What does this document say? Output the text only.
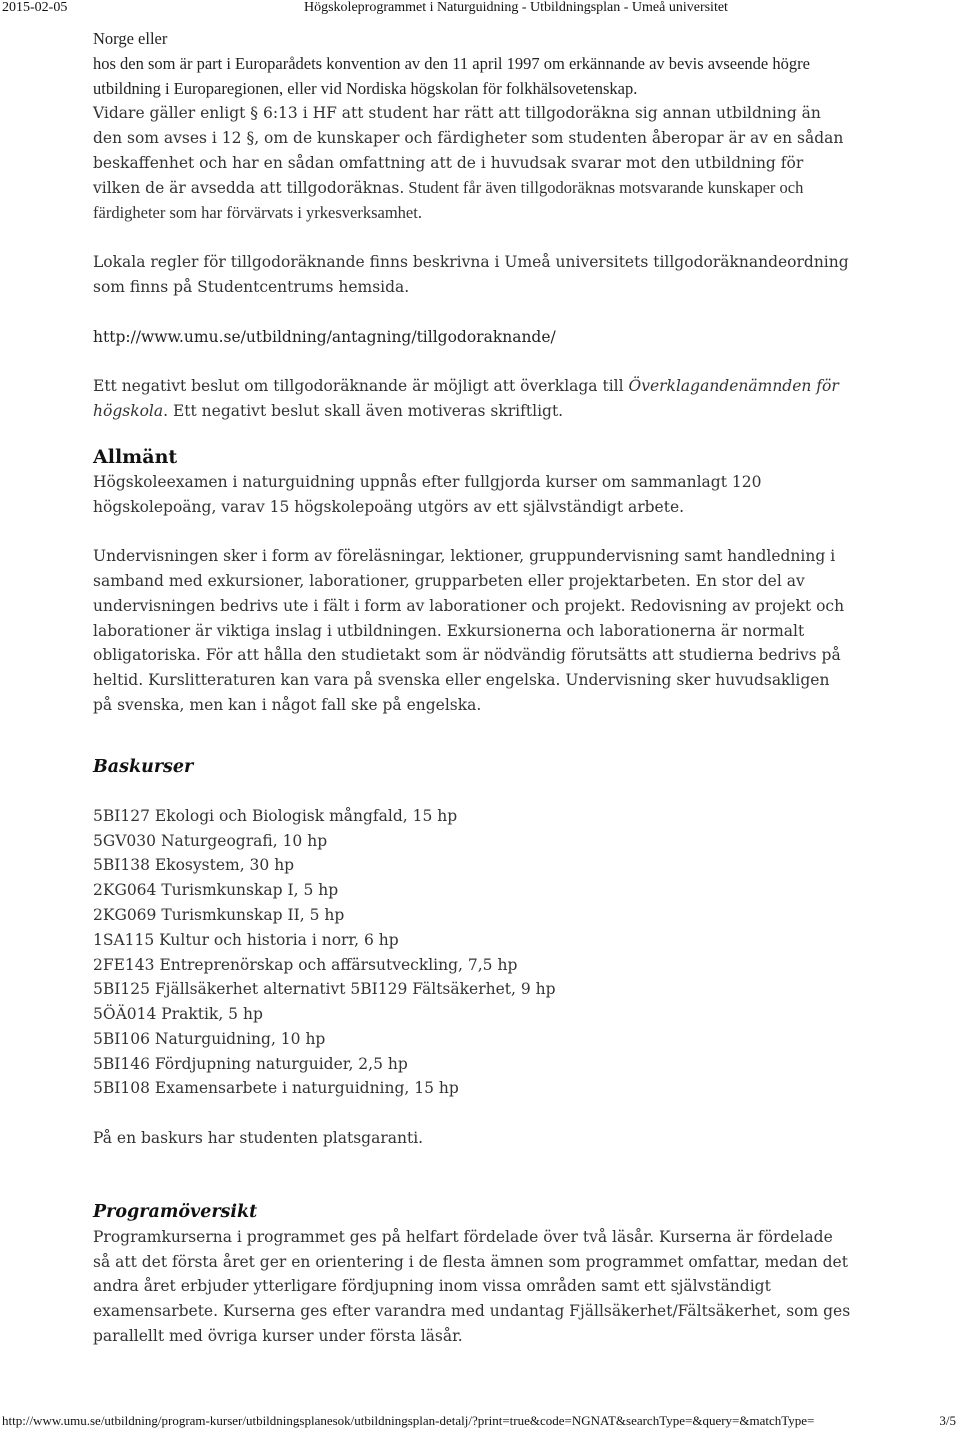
2015-02-05	Högskoleprogrammet i Naturguidning - Utbildningsplan - Umeå universitet

Norge eller

hos den som är part i Europarådets konvention av den 11 april 1997 om erkännande av bevis avseende högre utbildning i Europaregionen, eller vid Nordiska högskolan för folkhälsovetenskap.

Vidare gäller enligt § 6:13 i HF att student har rätt att tillgodoräkna sig annan utbildning än den som avses i 12 §, om de kunskaper och färdigheter som studenten åberopar är av en sådan beskaffenhet och har en sådan omfattning att de i huvudsak svarar mot den utbildning för vilken de är avsedda att tillgodoräknas. Student får även tillgodoräknas motsvarande kunskaper och färdigheter som har förvärvats i yrkesverksamhet.

Lokala regler för tillgodoräknande finns beskrivna i Umeå universitets tillgodoräknandeordning som finns på Studentcentrums hemsida.

http://www.umu.se/utbildning/antagning/tillgodoraknande/

Ett negativt beslut om tillgodoräknande är möjligt att överklaga till Överklagandenämnden för högskola. Ett negativt beslut skall även motiveras skriftligt.

Allmänt

Högskoleexamen i naturguidning uppnås efter fullgjorda kurser om sammanlagt 120 högskolepoäng, varav 15 högskolepoäng utgörs av ett självständigt arbete.

Undervisningen sker i form av föreläsningar, lektioner, gruppundervisning samt handledning i samband med exkursioner, laborationer, grupparbeten eller projektarbeten. En stor del av undervisningen bedrivs ute i fält i form av laborationer och projekt. Redovisning av projekt och laborationer är viktiga inslag i utbildningen. Exkursionerna och laborationerna är normalt obligatoriska. För att hålla den studietakt som är nödvändig förutsätts att studierna bedrivs på heltid. Kurslitteraturen kan vara på svenska eller engelska. Undervisning sker huvudsakligen på svenska, men kan i något fall ske på engelska.

Baskurser
5BI127 Ekologi och Biologisk mångfald, 15 hp
5GV030 Naturgeografi, 10 hp
5BI138 Ekosystem, 30 hp
2KG064 Turismkunskap I, 5 hp
2KG069 Turismkunskap II, 5 hp
1SA115 Kultur och historia i norr, 6 hp
2FE143 Entreprenörskap och affärsutveckling, 7,5 hp
5BI125 Fjällsäkerhet alternativt 5BI129 Fältsäkerhet, 9 hp
5ÖÄ014 Praktik, 5 hp
5BI106 Naturguidning, 10 hp
5BI146 Fördjupning naturguider, 2,5 hp
5BI108 Examensarbete i naturguidning, 15 hp

På en baskurs har studenten platsgaranti.

Programöversikt

Programkurserna i programmet ges på helfart fördelade över två läsår. Kurserna är fördelade så att det första året ger en orientering i de flesta ämnen som programmet omfattar, medan det andra året erbjuder ytterligare fördjupning inom vissa områden samt ett självständigt examensarbete. Kurserna ges efter varandra med undantag Fjällsäkerhet/Fältsäkerhet, som ges parallellt med övriga kurser under första läsår.

http://www.umu.se/utbildning/program-kurser/utbildningsplanesok/utbildningsplan-detalj/?print=true&code=NGNAT&searchType=&query=&matchType=	3/5
